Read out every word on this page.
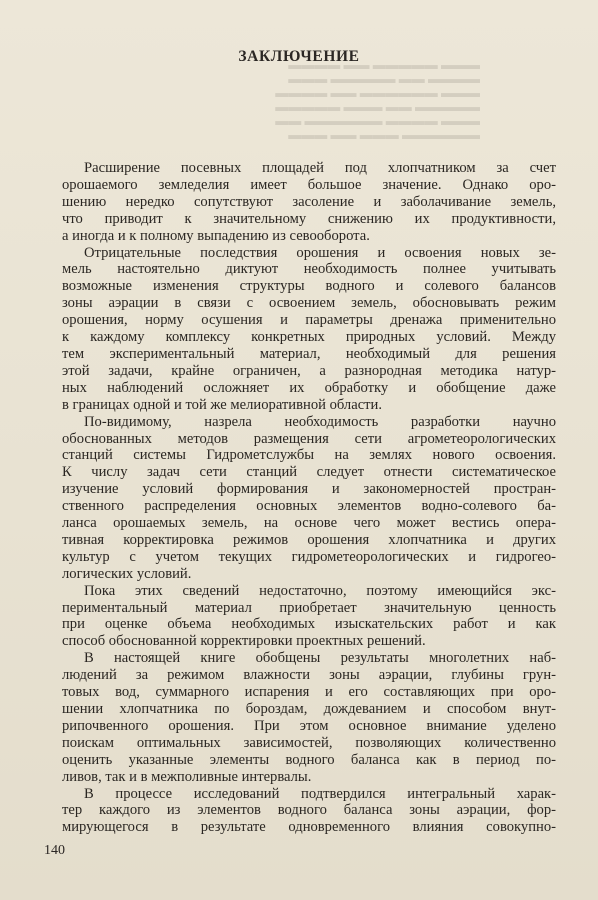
▬▬▬ ▬▬▬▬▬ ▬▬ ▬▬▬▬
▬▬▬▬ ▬▬ ▬▬▬▬▬ ▬▬▬
▬▬▬ ▬▬▬▬▬▬ ▬▬ ▬▬▬▬
▬▬▬▬▬ ▬▬ ▬▬▬ ▬▬▬▬▬
▬▬▬ ▬▬▬▬ ▬▬▬▬▬▬ ▬▬
▬▬▬▬▬▬ ▬▬▬ ▬▬ ▬▬▬
ЗАКЛЮЧЕНИЕ

Расширение посевных площадей под хлопчатником за счет
орошаемого земледелия имеет большое значение. Однако оро-
шению нередко сопутствуют засоление и заболачивание земель,
что приводит к значительному снижению их продуктивности,
а иногда и к полному выпадению из севооборота.

Отрицательные последствия орошения и освоения новых зе-
мель настоятельно диктуют необходимость полнее учитывать
возможные изменения структуры водного и солевого балансов
зоны аэрации в связи с освоением земель, обосновывать режим
орошения, норму осушения и параметры дренажа применительно
к каждому комплексу конкретных природных условий. Между
тем экспериментальный материал, необходимый для решения
этой задачи, крайне ограничен, а разнородная методика натур-
ных наблюдений осложняет их обработку и обобщение даже
в границах одной и той же мелиоративной области.

По-видимому, назрела необходимость разработки научно
обоснованных методов размещения сети агрометеорологических
станций системы Гидрометслужбы на землях нового освоения.
К числу задач сети станций следует отнести систематическое
изучение условий формирования и закономерностей простран-
ственного распределения основных элементов водно-солевого ба-
ланса орошаемых земель, на основе чего может вестись опера-
тивная корректировка режимов орошения хлопчатника и других
культур с учетом текущих гидрометеорологических и гидрогео-
логических условий.

Пока этих сведений недостаточно, поэтому имеющийся экс-
периментальный материал приобретает значительную ценность
при оценке объема необходимых изыскательских работ и как
способ обоснованной корректировки проектных решений.

В настоящей книге обобщены результаты многолетних наб-
людений за режимом влажности зоны аэрации, глубины грун-
товых вод, суммарного испарения и его составляющих при оро-
шении хлопчатника по бороздам, дождеванием и способом внут-
рипочвенного орошения. При этом основное внимание уделено
поискам оптимальных зависимостей, позволяющих количественно
оценить указанные элементы водного баланса как в период по-
ливов, так и в межполивные интервалы.

В процессе исследований подтвердился интегральный харак-
тер каждого из элементов водного баланса зоны аэрации, фор-
мирующегося в результате одновременного влияния совокупно-

140
